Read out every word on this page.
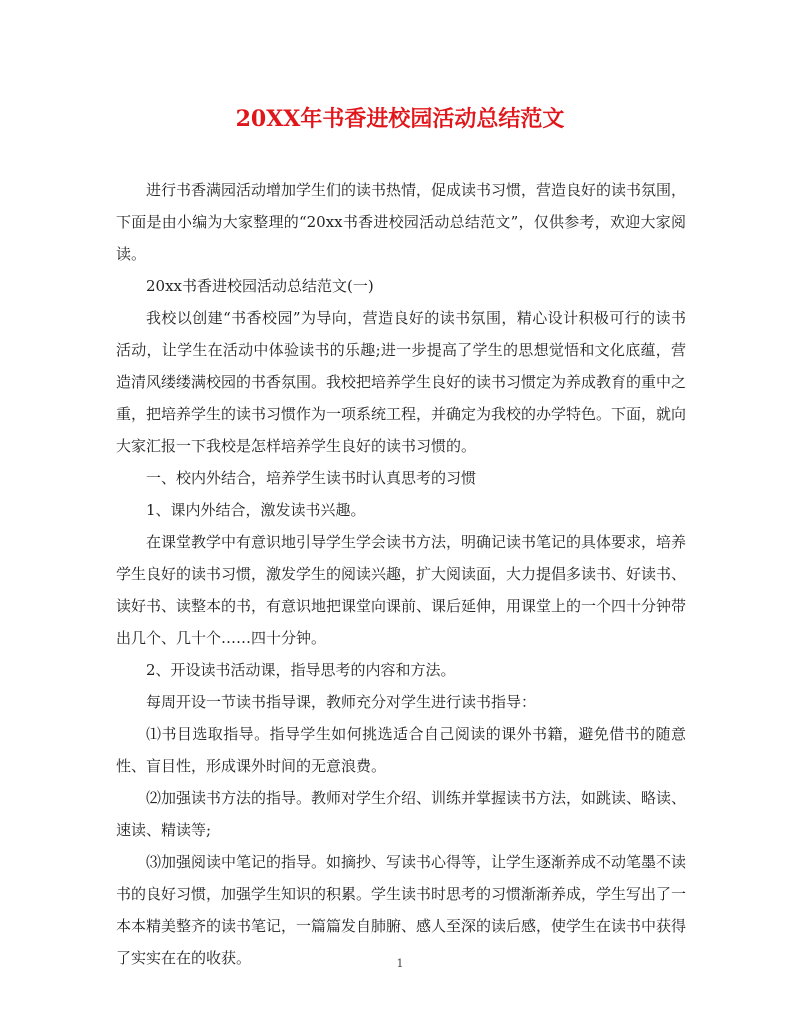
20XX年书香进校园活动总结范文

进行书香满园活动增加学生们的读书热情，促成读书习惯，营造良好的读书氛围，下面是由小编为大家整理的“20xx书香进校园活动总结范文”，仅供参考，欢迎大家阅读。

20xx书香进校园活动总结范文(一)

我校以创建“书香校园”为导向，营造良好的读书氛围，精心设计积极可行的读书活动，让学生在活动中体验读书的乐趣;进一步提高了学生的思想觉悟和文化底蕴，营造清风缕缕满校园的书香氛围。我校把培养学生良好的读书习惯定为养成教育的重中之重，把培养学生的读书习惯作为一项系统工程，并确定为我校的办学特色。下面，就向大家汇报一下我校是怎样培养学生良好的读书习惯的。

一、校内外结合，培养学生读书时认真思考的习惯

1、课内外结合，激发读书兴趣。

在课堂教学中有意识地引导学生学会读书方法，明确记读书笔记的具体要求，培养学生良好的读书习惯，激发学生的阅读兴趣，扩大阅读面，大力提倡多读书、好读书、读好书、读整本的书，有意识地把课堂向课前、课后延伸，用课堂上的一个四十分钟带出几个、几十个……四十分钟。

2、开设读书活动课，指导思考的内容和方法。

每周开设一节读书指导课，教师充分对学生进行读书指导：

⑴书目选取指导。指导学生如何挑选适合自己阅读的课外书籍，避免借书的随意性、盲目性，形成课外时间的无意浪费。

⑵加强读书方法的指导。教师对学生介绍、训练并掌握读书方法，如跳读、略读、速读、精读等;

⑶加强阅读中笔记的指导。如摘抄、写读书心得等，让学生逐渐养成不动笔墨不读书的良好习惯，加强学生知识的积累。学生读书时思考的习惯渐渐养成，学生写出了一本本精美整齐的读书笔记，一篇篇发自肺腑、感人至深的读后感，使学生在读书中获得了实实在在的收获。	1
